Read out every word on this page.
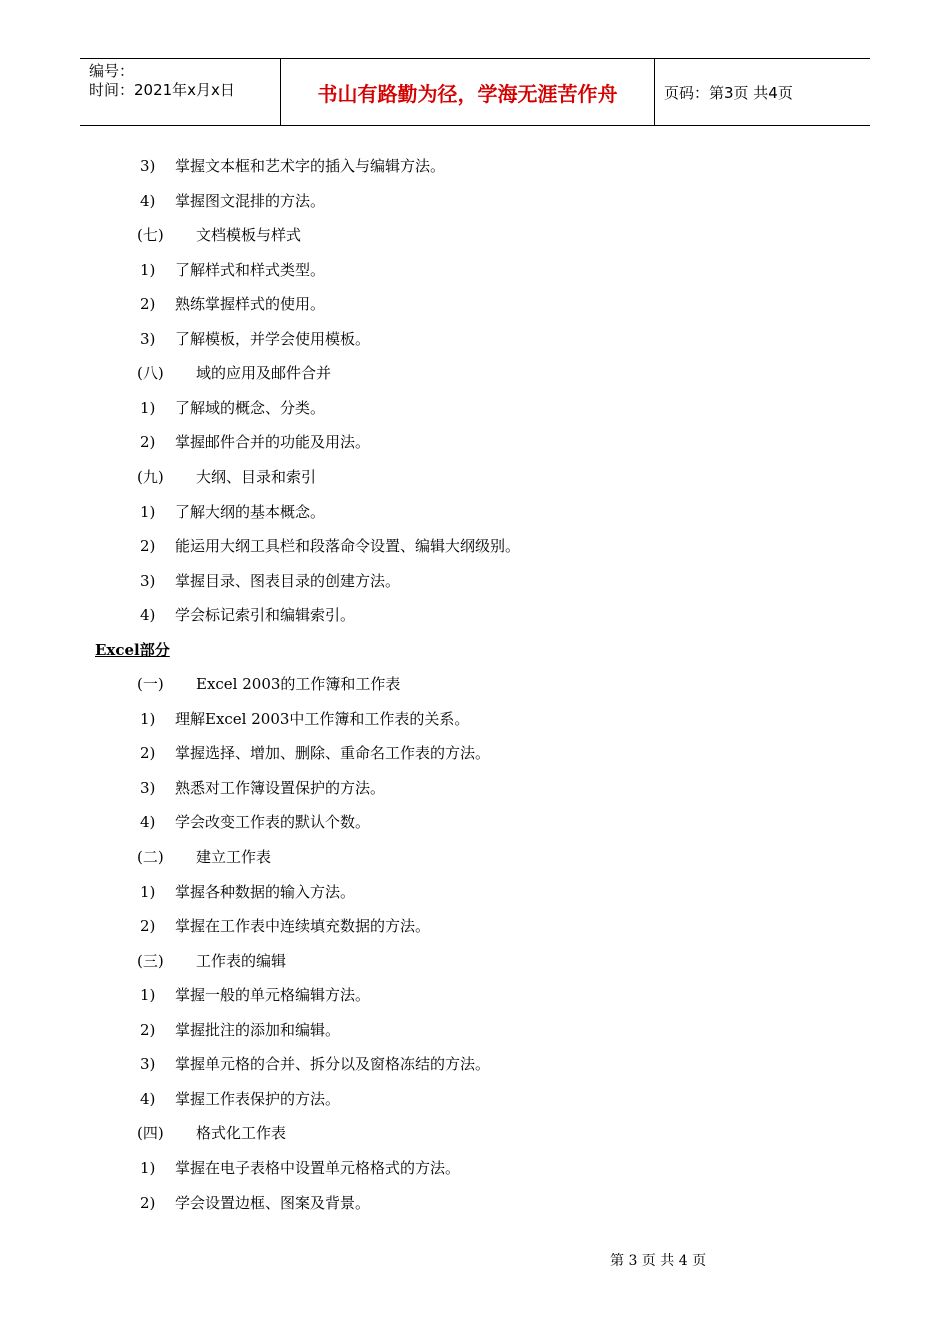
编号：
时间：2021年x月x日	书山有路勤为径，学海无涯苦作舟	页码：第3页 共4页
3) 掌握文本框和艺术字的插入与编辑方法。
4) 掌握图文混排的方法。
(七) 文档模板与样式
1) 了解样式和样式类型。
2) 熟练掌握样式的使用。
3) 了解模板，并学会使用模板。
(八) 域的应用及邮件合并
1) 了解域的概念、分类。
2) 掌握邮件合并的功能及用法。
(九) 大纲、目录和索引
1) 了解大纲的基本概念。
2) 能运用大纲工具栏和段落命令设置、编辑大纲级别。
3) 掌握目录、图表目录的创建方法。
4) 学会标记索引和编辑索引。
Excel部分
(一) Excel 2003的工作簿和工作表
1) 理解Excel 2003中工作簿和工作表的关系。
2) 掌握选择、增加、删除、重命名工作表的方法。
3) 熟悉对工作簿设置保护的方法。
4) 学会改变工作表的默认个数。
(二) 建立工作表
1) 掌握各种数据的输入方法。
2) 掌握在工作表中连续填充数据的方法。
(三) 工作表的编辑
1) 掌握一般的单元格编辑方法。
2) 掌握批注的添加和编辑。
3) 掌握单元格的合并、拆分以及窗格冻结的方法。
4) 掌握工作表保护的方法。
(四) 格式化工作表
1) 掌握在电子表格中设置单元格格式的方法。
2) 学会设置边框、图案及背景。
第 3 页 共 4 页
